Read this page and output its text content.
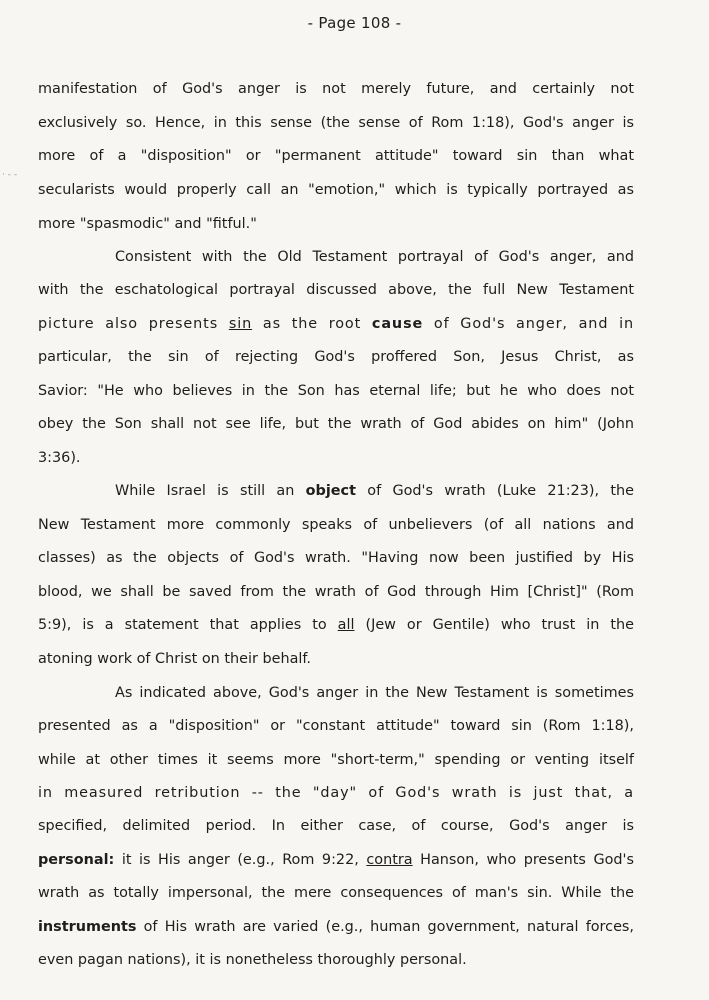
- Page 108 -
· - -
manifestation of God's anger is not merely future, and certainly not
exclusively so. Hence, in this sense (the sense of Rom 1:18), God's anger is
more of a "disposition" or "permanent attitude" toward sin than what
secularists would properly call an "emotion," which is typically portrayed as
more "spasmodic" and "fitful."
Consistent with the Old Testament portrayal of God's anger, and
with the eschatological portrayal discussed above, the full New Testament
picture also presents sin as the root cause of God's anger, and in
particular, the sin of rejecting God's proffered Son, Jesus Christ, as
Savior: "He who believes in the Son has eternal life; but he who does not
obey the Son shall not see life, but the wrath of God abides on him" (John
3:36).
While Israel is still an object of God's wrath (Luke 21:23), the
New Testament more commonly speaks of unbelievers (of all nations and
classes) as the objects of God's wrath. "Having now been justified by His
blood, we shall be saved from the wrath of God through Him [Christ]" (Rom
5:9), is a statement that applies to all (Jew or Gentile) who trust in the
atoning work of Christ on their behalf.
As indicated above, God's anger in the New Testament is sometimes
presented as a "disposition" or "constant attitude" toward sin (Rom 1:18),
while at other times it seems more "short-term," spending or venting itself
in measured retribution -- the "day" of God's wrath is just that, a
specified, delimited period. In either case, of course, God's anger is
personal: it is His anger (e.g., Rom 9:22, contra Hanson, who presents God's
wrath as totally impersonal, the mere consequences of man's sin. While the
instruments of His wrath are varied (e.g., human government, natural forces,
even pagan nations), it is nonetheless thoroughly personal.
